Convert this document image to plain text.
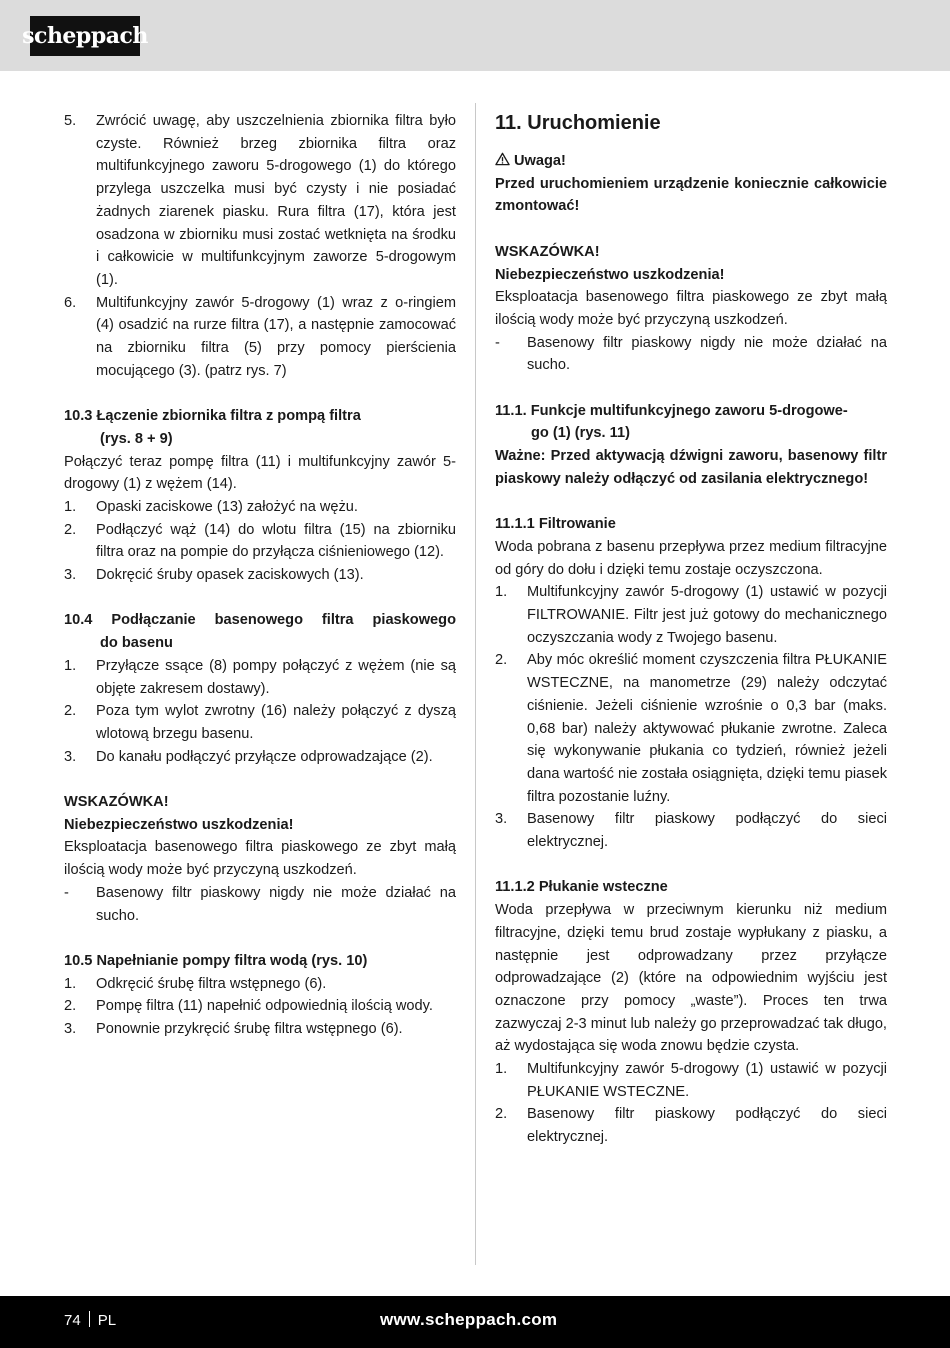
scheppach
5. Zwrócić uwagę, aby uszczelnienia zbiornika filtra było czyste. Również brzeg zbiornika filtra oraz multifunkcyjnego zaworu 5-drogowego (1) do którego przylega uszczelka musi być czysty i nie posiadać żadnych ziarenek piasku. Rura filtra (17), która jest osadzona w zbiorniku musi zostać wetknięta na środku i całkowicie w multifunkcyjnym zaworze 5-drogowym (1).
6. Multifunkcyjny zawór 5-drogowy (1) wraz z o-ringiem (4) osadzić na rurze filtra (17), a następnie zamocować na zbiorniku filtra (5) przy pomocy pierścienia mocującego (3). (patrz rys. 7)

10.3 Łączenie zbiornika filtra z pompą filtra
(rys. 8 + 9)

Połączyć teraz pompę filtra (11) i multifunkcyjny zawór 5-drogowy (1) z wężem (14).

1. Opaski zaciskowe (13) założyć na wężu.
2. Podłączyć wąż (14) do wlotu filtra (15) na zbiorniku filtra oraz na pompie do przyłącza ciśnieniowego (12).
3. Dokręcić śruby opasek zaciskowych (13).

10.4 Podłączanie basenowego filtra piaskowego

do basenu

1. Przyłącze ssące (8) pompy połączyć z wężem (nie są objęte zakresem dostawy).
2. Poza tym wylot zwrotny (16) należy połączyć z dyszą wlotową brzegu basenu.
3. Do kanału podłączyć przyłącze odprowadzające (2).

WSKAZÓWKA!

Niebezpieczeństwo uszkodzenia!

Eksploatacja basenowego filtra piaskowego ze zbyt małą ilością wody może być przyczyną uszkodzeń.

- Basenowy filtr piaskowy nigdy nie może działać na sucho.

10.5 Napełnianie pompy filtra wodą (rys. 10)

1. Odkręcić śrubę filtra wstępnego (6).
2. Pompę filtra (11) napełnić odpowiednią ilością wody.
3. Ponownie przykręcić śrubę filtra wstępnego (6).

11. Uruchomienie

Uwaga!

Przed uruchomieniem urządzenie koniecznie całkowicie zmontować!

WSKAZÓWKA!

Niebezpieczeństwo uszkodzenia!

Eksploatacja basenowego filtra piaskowego ze zbyt małą ilością wody może być przyczyną uszkodzeń.

- Basenowy filtr piaskowy nigdy nie może działać na sucho.

11.1. Funkcje multifunkcyjnego zaworu 5-drogowe-
go (1) (rys. 11)

Ważne: Przed aktywacją dźwigni zaworu, basenowy filtr piaskowy należy odłączyć od zasilania elektrycznego!

11.1.1 Filtrowanie

Woda pobrana z basenu przepływa przez medium filtracyjne od góry do dołu i dzięki temu zostaje oczyszczona.

1. Multifunkcyjny zawór 5-drogowy (1) ustawić w pozycji FILTROWANIE. Filtr jest już gotowy do mechanicznego oczyszczania wody z Twojego basenu.
2. Aby móc określić moment czyszczenia filtra PŁUKANIE WSTECZNE, na manometrze (29) należy odczytać ciśnienie. Jeżeli ciśnienie wzrośnie o 0,3 bar (maks. 0,68 bar) należy aktywować płukanie zwrotne. Zaleca się wykonywanie płukania co tydzień, również jeżeli dana wartość nie została osiągnięta, dzięki temu piasek filtra pozostanie luźny.
3. Basenowy filtr piaskowy podłączyć do sieci elektrycznej.

11.1.2 Płukanie wsteczne

Woda przepływa w przeciwnym kierunku niż medium filtracyjne, dzięki temu brud zostaje wypłukany z piasku, a następnie jest odprowadzany przez przyłącze odprowadzające (2) (które na odpowiednim wyjściu jest oznaczone przy pomocy „waste”). Proces ten trwa zazwyczaj 2-3 minut lub należy go przeprowadzać tak długo, aż wydostająca się woda znowu będzie czysta.

1. Multifunkcyjny zawór 5-drogowy (1) ustawić w pozycji PŁUKANIE WSTECZNE.
2. Basenowy filtr piaskowy podłączyć do sieci elektrycznej.
74 PL	www.scheppach.com
